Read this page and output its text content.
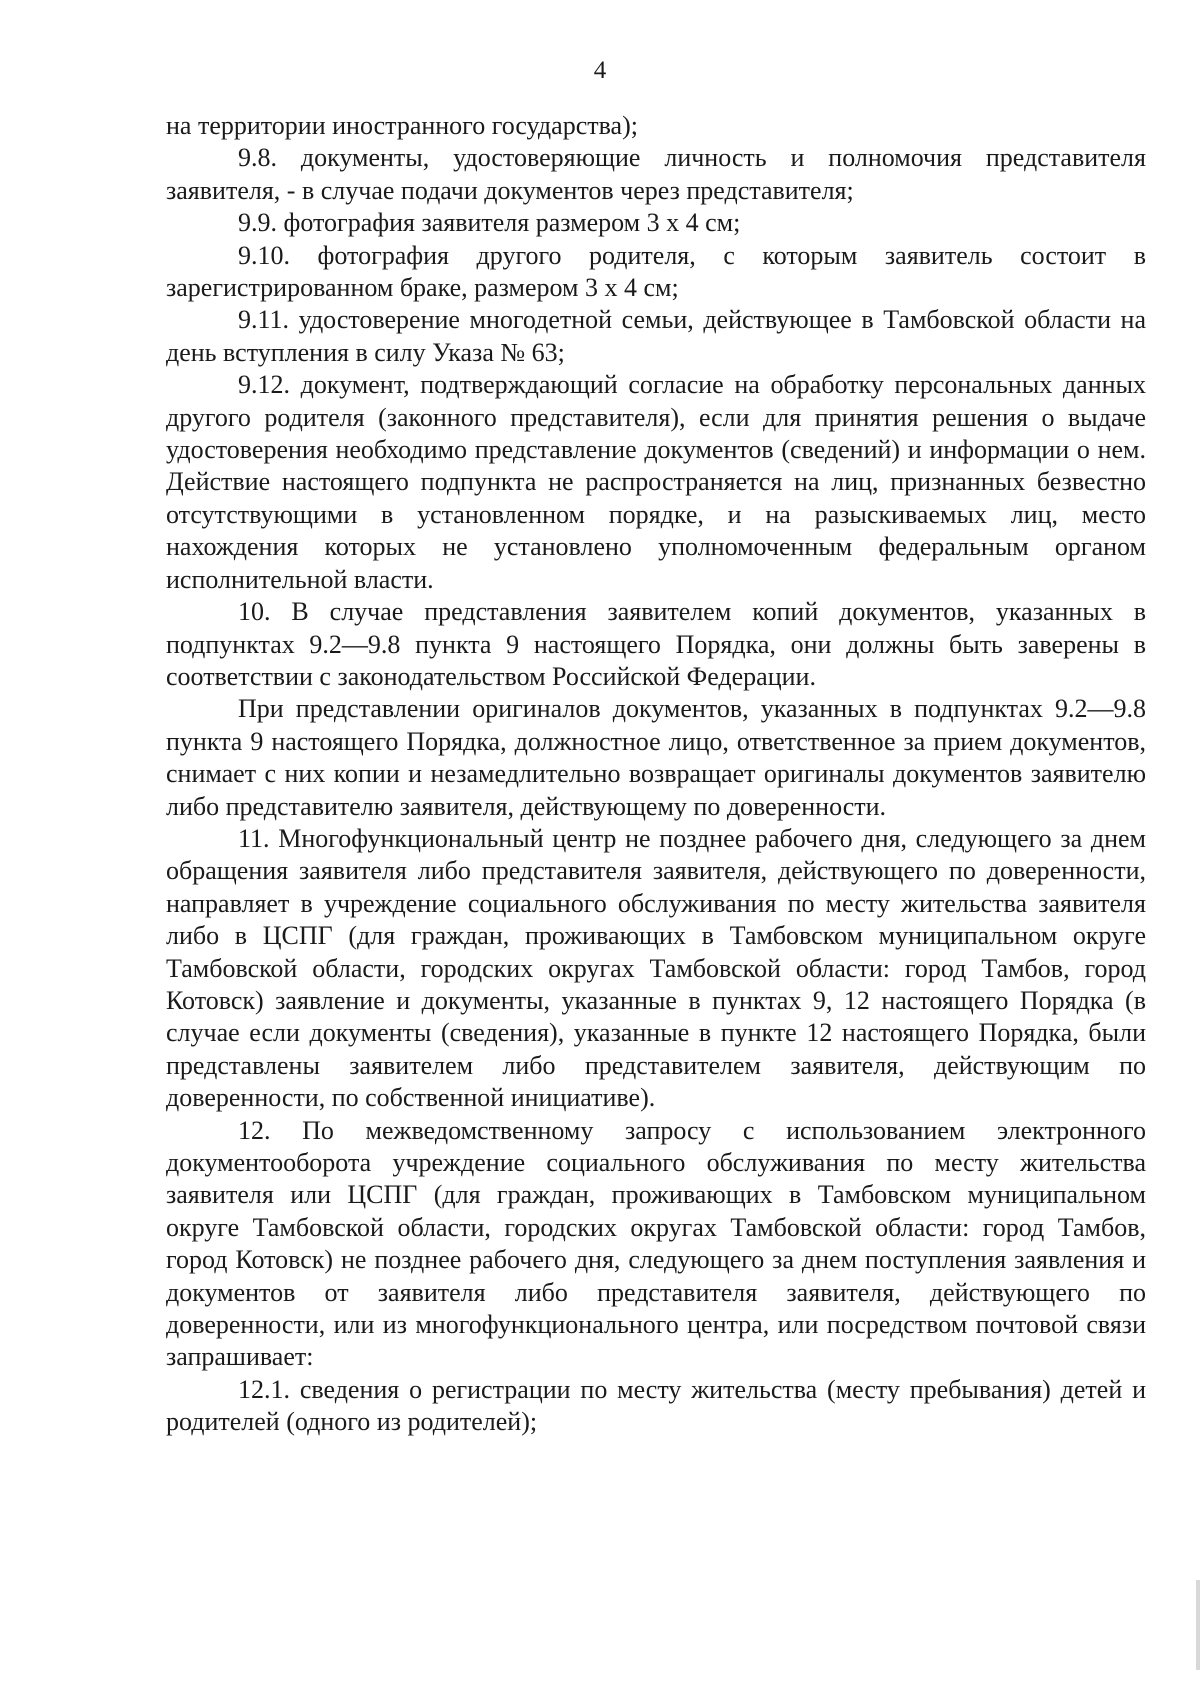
4

на территории иностранного государства);

9.8. документы, удостоверяющие личность и полномочия представителя заявителя, - в случае подачи документов через представителя;

9.9. фотография заявителя размером 3 х 4 см;

9.10. фотография другого родителя, с которым заявитель состоит в зарегистрированном браке, размером 3 х 4 см;

9.11. удостоверение многодетной семьи, действующее в Тамбовской области на день вступления в силу Указа № 63;

9.12. документ, подтверждающий согласие на обработку персональных данных другого родителя (законного представителя), если для принятия решения о выдаче удостоверения необходимо представление документов (сведений) и информации о нем. Действие настоящего подпункта не распространяется на лиц, признанных безвестно отсутствующими в установленном порядке, и на разыскиваемых лиц, место нахождения которых не установлено уполномоченным федеральным органом исполнительной власти.

10. В случае представления заявителем копий документов, указанных в подпунктах 9.2—9.8 пункта 9 настоящего Порядка, они должны быть заверены в соответствии с законодательством Российской Федерации.

При представлении оригиналов документов, указанных в подпунктах 9.2—9.8 пункта 9 настоящего Порядка, должностное лицо, ответственное за прием документов, снимает с них копии и незамедлительно возвращает оригиналы документов заявителю либо представителю заявителя, действующему по доверенности.

11. Многофункциональный центр не позднее рабочего дня, следующего за днем обращения заявителя либо представителя заявителя, действующего по доверенности, направляет в учреждение социального обслуживания по месту жительства заявителя либо в ЦСПГ (для граждан, проживающих в Тамбовском муниципальном округе Тамбовской области, городских округах Тамбовской области: город Тамбов, город Котовск) заявление и документы, указанные в пунктах 9, 12 настоящего Порядка (в случае если документы (сведения), указанные в пункте 12 настоящего Порядка, были представлены заявителем либо представителем заявителя, действующим по доверенности, по собственной инициативе).

12. По межведомственному запросу с использованием электронного документооборота учреждение социального обслуживания по месту жительства заявителя или ЦСПГ (для граждан, проживающих в Тамбовском муниципальном округе Тамбовской области, городских округах Тамбовской области: город Тамбов, город Котовск) не позднее рабочего дня, следующего за днем поступления заявления и документов от заявителя либо представителя заявителя, действующего по доверенности, или из многофункционального центра, или посредством почтовой связи запрашивает:

12.1. сведения о регистрации по месту жительства (месту пребывания) детей и родителей (одного из родителей);
